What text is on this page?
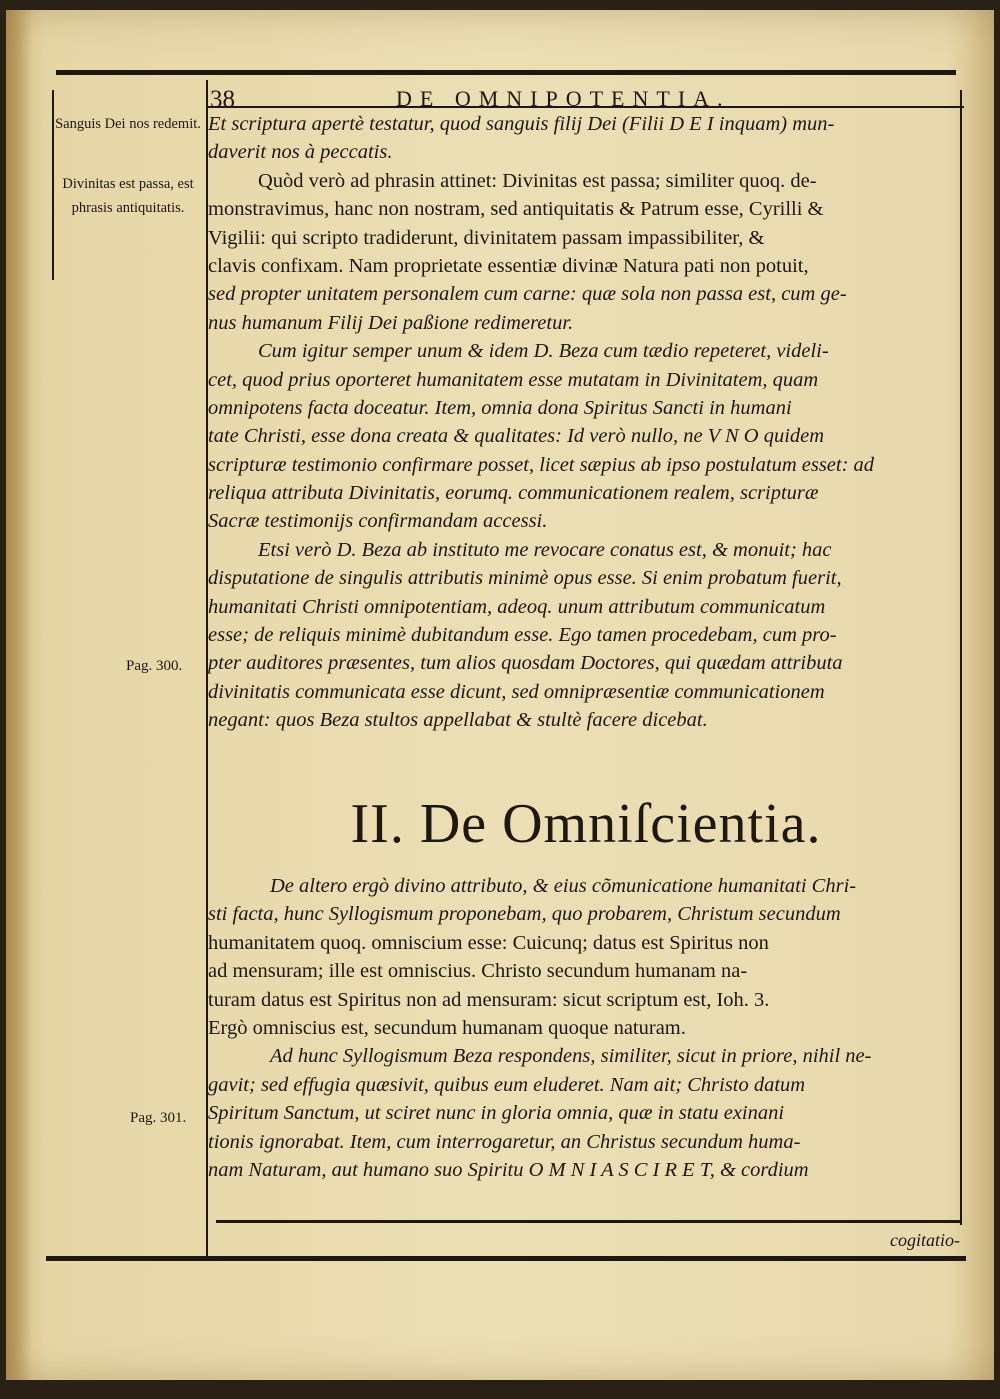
38	DE OMNIPOTENTIA.
Sanguis Dei nos redemit.
Divinitas est passa, est phrasis antiquitatis.
Pag. 300.
Pag. 301.
Et scriptura apertè testatur, quod sanguis filij Dei (Filii D E I inquam) mun-
daverit nos à peccatis.
Quòd verò ad phrasin attinet: Divinitas est passa; similiter quoq. de-
monstravimus, hanc non nostram, sed antiquitatis & Patrum esse, Cyrilli &
Vigilii: qui scripto tradiderunt, divinitatem passam impassibiliter, &
clavis confixam. Nam proprietate essentiæ divinæ Natura pati non potuit,
sed propter unitatem personalem cum carne: quæ sola non passa est, cum ge-
nus humanum Filij Dei paßione redimeretur.
Cum igitur semper unum & idem D. Beza cum tædio repeteret, videli-
cet, quod prius oporteret humanitatem esse mutatam in Divinitatem, quam
omnipotens facta doceatur. Item, omnia dona Spiritus Sancti in humani
tate Christi, esse dona creata & qualitates: Id verò nullo, ne V N O quidem
scripturæ testimonio confirmare posset, licet sæpius ab ipso postulatum esset: ad
reliqua attributa Divinitatis, eorumq. communicationem realem, scripturæ
Sacræ testimonijs confirmandam accessi.
Etsi verò D. Beza ab instituto me revocare conatus est, & monuit; hac
disputatione de singulis attributis minimè opus esse. Si enim probatum fuerit,
humanitati Christi omnipotentiam, adeoq. unum attributum communicatum
esse; de reliquis minimè dubitandum esse. Ego tamen procedebam, cum pro-
pter auditores præsentes, tum alios quosdam Doctores, qui quædam attributa
divinitatis communicata esse dicunt, sed omnipræsentiæ communicationem
negant: quos Beza stultos appellabat & stultè facere dicebat.
II. De Omniſcientia.
De altero ergò divino attributo, & eius cõmunicatione humanitati Chri-
sti facta, hunc Syllogismum proponebam, quo probarem, Christum secundum
humanitatem quoq. omniscium esse: Cuicunq; datus est Spiritus non
ad mensuram; ille est omniscius. Christo secundum humanam na-
turam datus est Spiritus non ad mensuram: sicut scriptum est, Ioh. 3.
Ergò omniscius est, secundum humanam quoque naturam.
Ad hunc Syllogismum Beza respondens, similiter, sicut in priore, nihil ne-
gavit; sed effugia quæsivit, quibus eum eluderet. Nam ait; Christo datum
Spiritum Sanctum, ut sciret nunc in gloria omnia, quæ in statu exinani
tionis ignorabat. Item, cum interrogaretur, an Christus secundum huma-
nam Naturam, aut humano suo Spiritu O M N I A S C I R E T, & cordium
cogitatio-
